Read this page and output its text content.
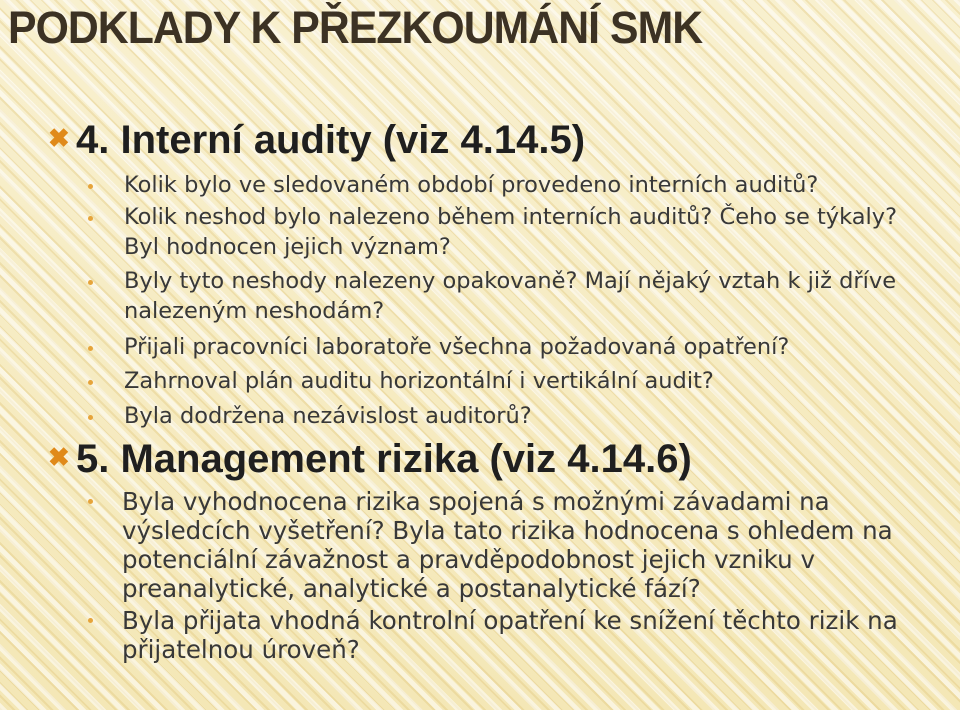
PODKLADY K PŘEZKOUMÁNÍ SMK
✖ 4. Interní audity (viz 4.14.5)
Kolik bylo ve sledovaném období provedeno interních auditů?
Kolik neshod bylo nalezeno během interních auditů? Čeho se týkaly? Byl hodnocen jejich význam?
Byly tyto neshody nalezeny opakovaně? Mají nějaký vztah k již dříve nalezeným neshodám?
Přijali pracovníci laboratoře všechna požadovaná opatření?
Zahrnoval plán auditu horizontální i vertikální audit?
Byla dodržena nezávislost auditorů?
✖ 5. Management rizika (viz 4.14.6)
Byla vyhodnocena rizika spojená s možnými závadami na výsledcích vyšetření? Byla tato rizika hodnocena s ohledem na potenciální závažnost a pravděpodobnost jejich vzniku v preanalytické, analytické a postanalytické fází?
Byla přijata vhodná kontrolní opatření ke snížení těchto rizik na přijatelnou úroveň?
